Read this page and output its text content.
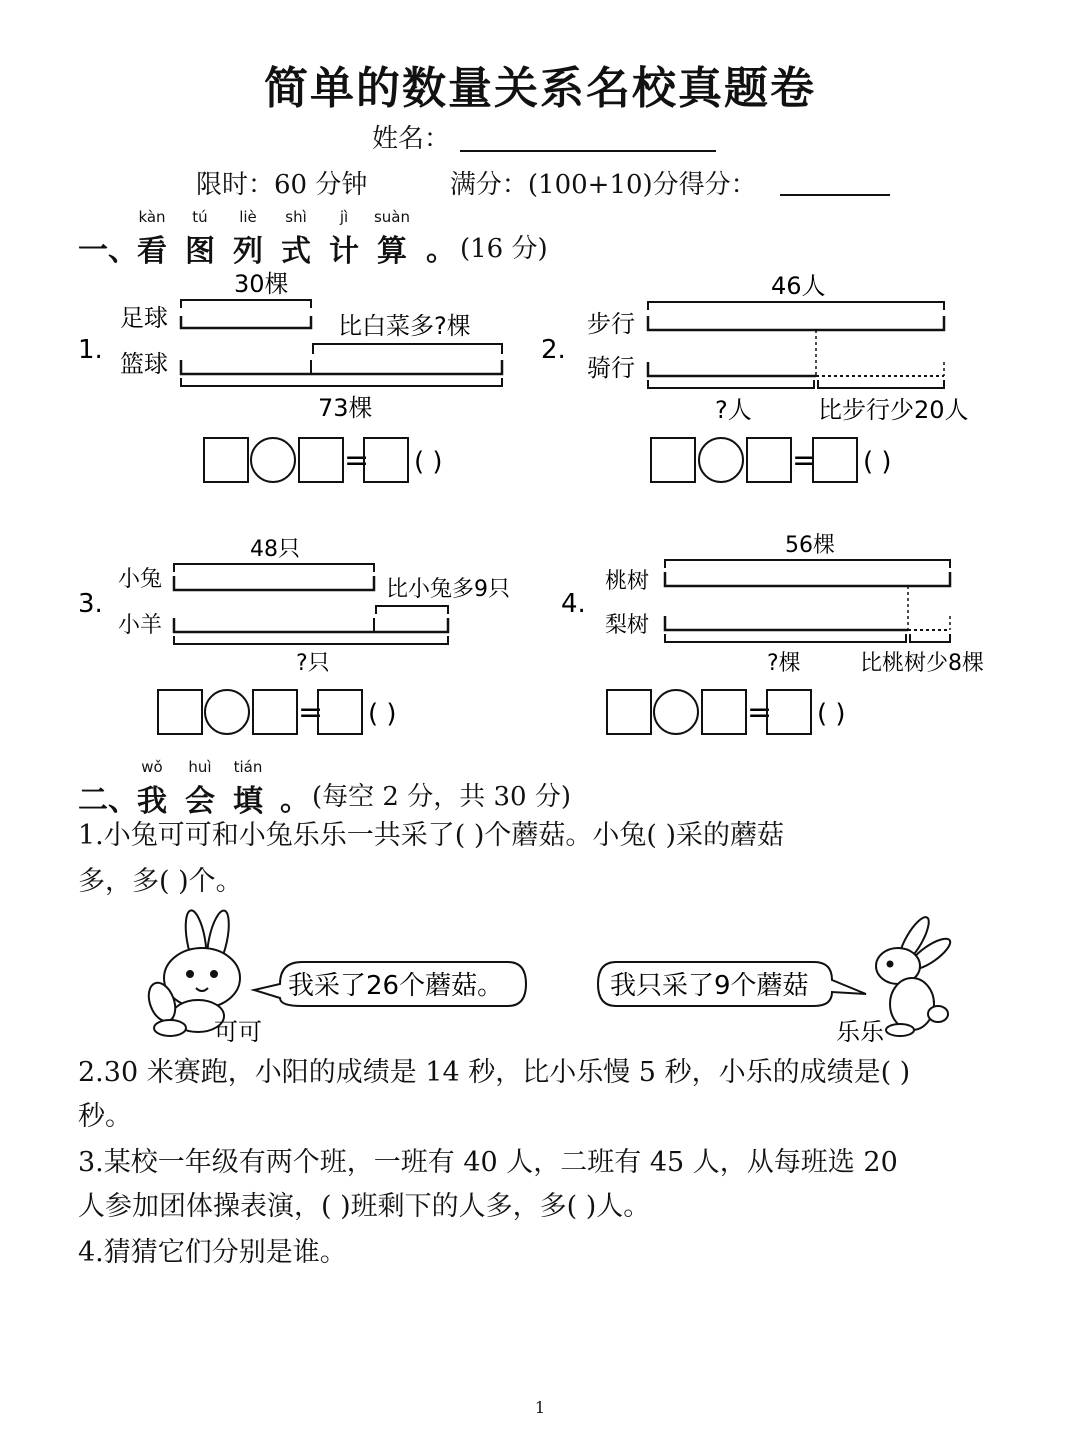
简单的数量关系名校真题卷
姓名：
限时：60 分钟	满分：(100+10)分得分：
一、
kàn
看
tú
图
liè
列
shì
式
jì
计
suàn
算 。 (16 分)
1.
足球
篮球
30棵
比白菜多?棵
73棵
= ( )
2.
步行
骑行
46人
?人	比步行少20人
= ( )
3.
小兔
小羊
48只
比小兔多9只
?只
= ( )
4.
桃树
梨树
56棵
?棵	比桃树少8棵
= ( )
二、
wǒ
我
huì
会
tián
填 。 (每空 2 分，共 30 分)
1.小兔可可和小兔乐乐一共采了( )个蘑菇。小兔( )采的蘑菇
多，多( )个。
可可
我采了26个蘑菇。	我只采了9个蘑菇
乐乐
2.30 米赛跑，小阳的成绩是 14 秒，比小乐慢 5 秒，小乐的成绩是( )
秒。
3.某校一年级有两个班，一班有 40 人，二班有 45 人，从每班选 20
人参加团体操表演，( )班剩下的人多，多( )人。
4.猜猜它们分别是谁。
1
